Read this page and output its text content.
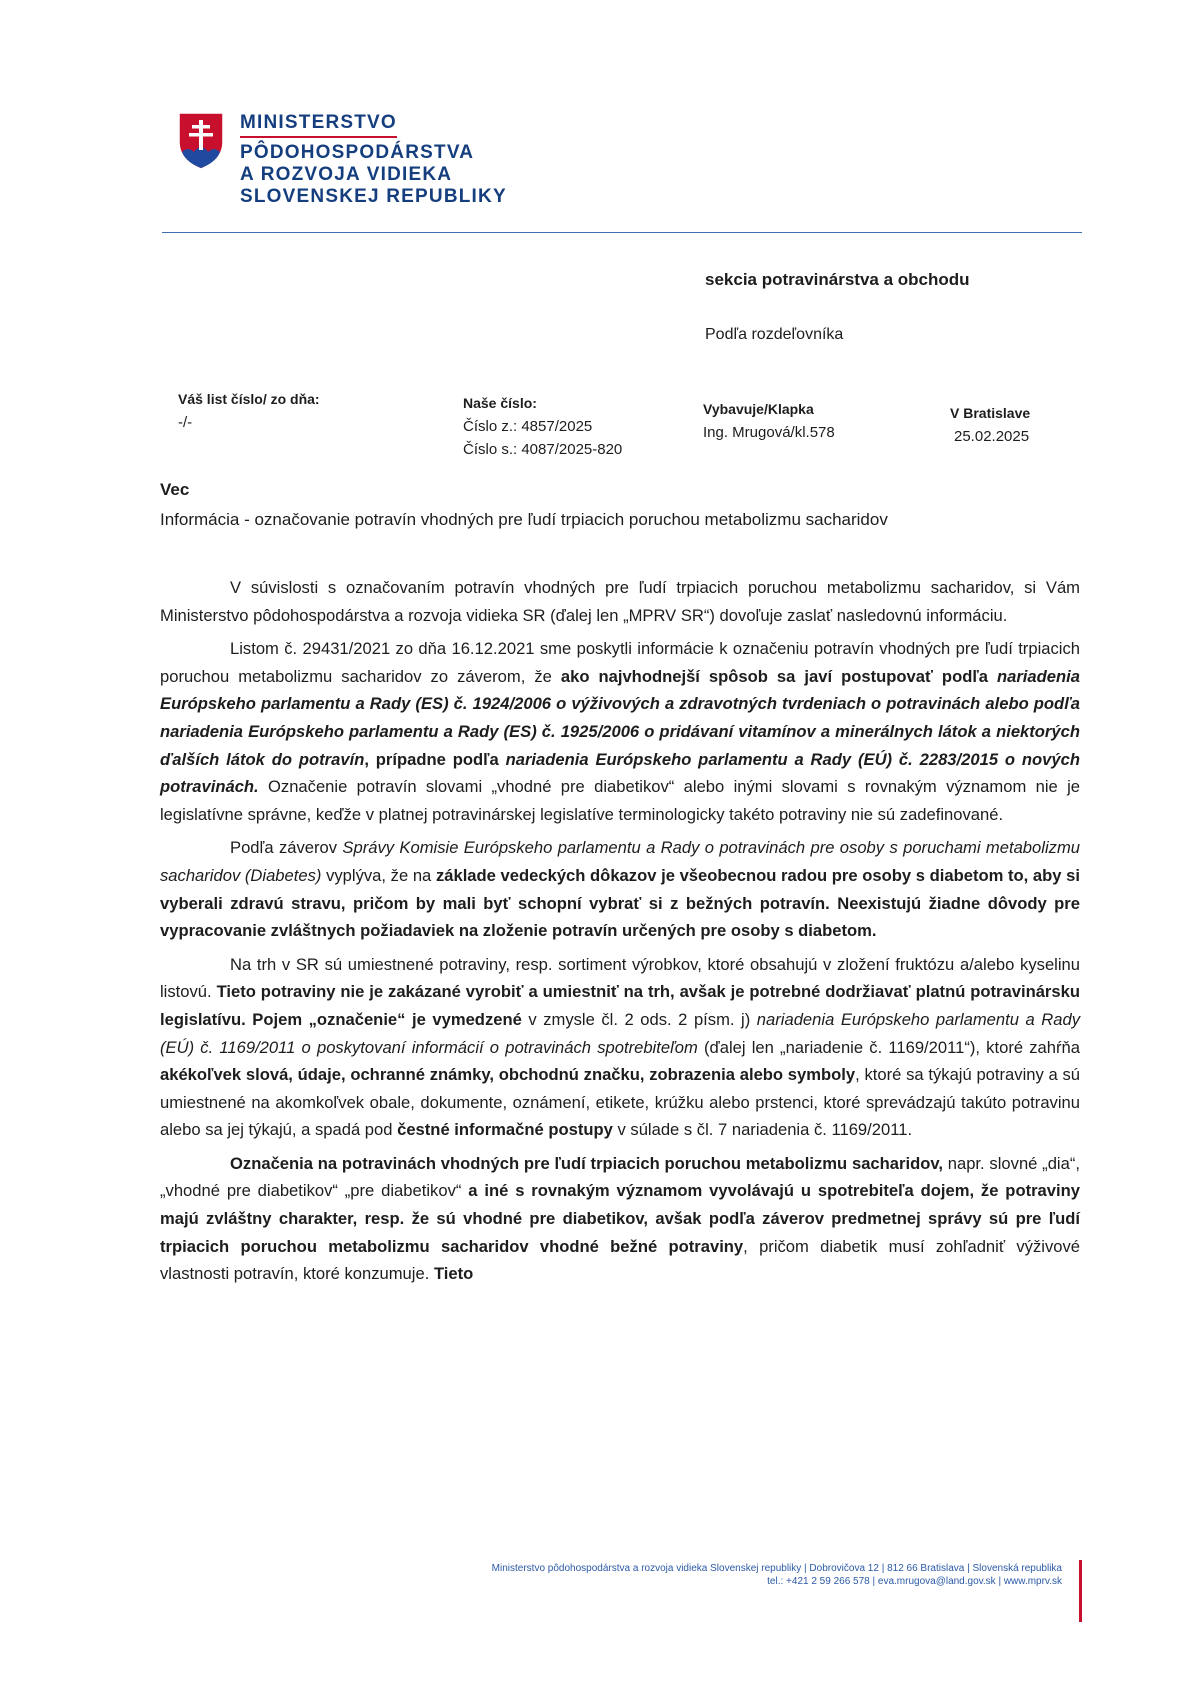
MINISTERSTVO
PÔDOHOSPODÁRSTVA
A ROZVOJA VIDIEKA
SLOVENSKEJ REPUBLIKY
sekcia potravinárstva a obchodu
Podľa rozdeľovníka
Váš list číslo/ zo dňa:
-/-
Naše číslo:
Číslo z.: 4857/2025
Číslo s.: 4087/2025-820
Vybavuje/Klapka
Ing. Mrugová/kl.578
V Bratislave
25.02.2025
Vec
Informácia - označovanie potravín vhodných pre ľudí trpiacich poruchou metabolizmu sacharidov

V súvislosti s označovaním potravín vhodných pre ľudí trpiacich poruchou metabolizmu sacharidov, si Vám Ministerstvo pôdohospodárstva a rozvoja vidieka SR (ďalej len „MPRV SR“) dovoľuje zaslať nasledovnú informáciu.

Listom č. 29431/2021 zo dňa 16.12.2021 sme poskytli informácie k označeniu potravín vhodných pre ľudí trpiacich poruchou metabolizmu sacharidov zo záverom, že ako najvhodnejší spôsob sa javí postupovať podľa nariadenia Európskeho parlamentu a Rady (ES) č. 1924/2006 o výživových a zdravotných tvrdeniach o potravinách alebo podľa nariadenia Európskeho parlamentu a Rady (ES) č. 1925/2006 o pridávaní vitamínov a minerálnych látok a niektorých ďalších látok do potravín, prípadne podľa nariadenia Európskeho parlamentu a Rady (EÚ) č. 2283/2015 o nových potravinách. Označenie potravín slovami „vhodné pre diabetikov“ alebo inými slovami s rovnakým významom nie je legislatívne správne, keďže v platnej potravinárskej legislatíve terminologicky takéto potraviny nie sú zadefinované.

Podľa záverov Správy Komisie Európskeho parlamentu a Rady o potravinách pre osoby s poruchami metabolizmu sacharidov (Diabetes) vyplýva, že na základe vedeckých dôkazov je všeobecnou radou pre osoby s diabetom to, aby si vyberali zdravú stravu, pričom by mali byť schopní vybrať si z bežných potravín. Neexistujú žiadne dôvody pre vypracovanie zvláštnych požiadaviek na zloženie potravín určených pre osoby s diabetom.

Na trh v SR sú umiestnené potraviny, resp. sortiment výrobkov, ktoré obsahujú v zložení fruktózu a/alebo kyselinu listovú. Tieto potraviny nie je zakázané vyrobiť a umiestniť na trh, avšak je potrebné dodržiavať platnú potravinársku legislatívu. Pojem „označenie“ je vymedzené v zmysle čl. 2 ods. 2 písm. j) nariadenia Európskeho parlamentu a Rady (EÚ) č. 1169/2011 o poskytovaní informácií o potravinách spotrebiteľom (ďalej len „nariadenie č. 1169/2011“), ktoré zahŕňa akékoľvek slová, údaje, ochranné známky, obchodnú značku, zobrazenia alebo symboly, ktoré sa týkajú potraviny a sú umiestnené na akomkoľvek obale, dokumente, oznámení, etikete, krúžku alebo prstenci, ktoré sprevádzajú takúto potravinu alebo sa jej týkajú, a spadá pod čestné informačné postupy v súlade s čl. 7 nariadenia č. 1169/2011.

Označenia na potravinách vhodných pre ľudí trpiacich poruchou metabolizmu sacharidov, napr. slovné „dia“, „vhodné pre diabetikov“ „pre diabetikov“ a iné s rovnakým významom vyvolávajú u spotrebiteľa dojem, že potraviny majú zvláštny charakter, resp. že sú vhodné pre diabetikov, avšak podľa záverov predmetnej správy sú pre ľudí trpiacich poruchou metabolizmu sacharidov vhodné bežné potraviny, pričom diabetik musí zohľadniť výživové vlastnosti potravín, ktoré konzumuje. Tieto

Ministerstvo pôdohospodárstva a rozvoja vidieka Slovenskej republiky | Dobrovičova 12 | 812 66 Bratislava | Slovenská republika
tel.: +421 2 59 266 578 | eva.mrugova@land.gov.sk | www.mprv.sk
